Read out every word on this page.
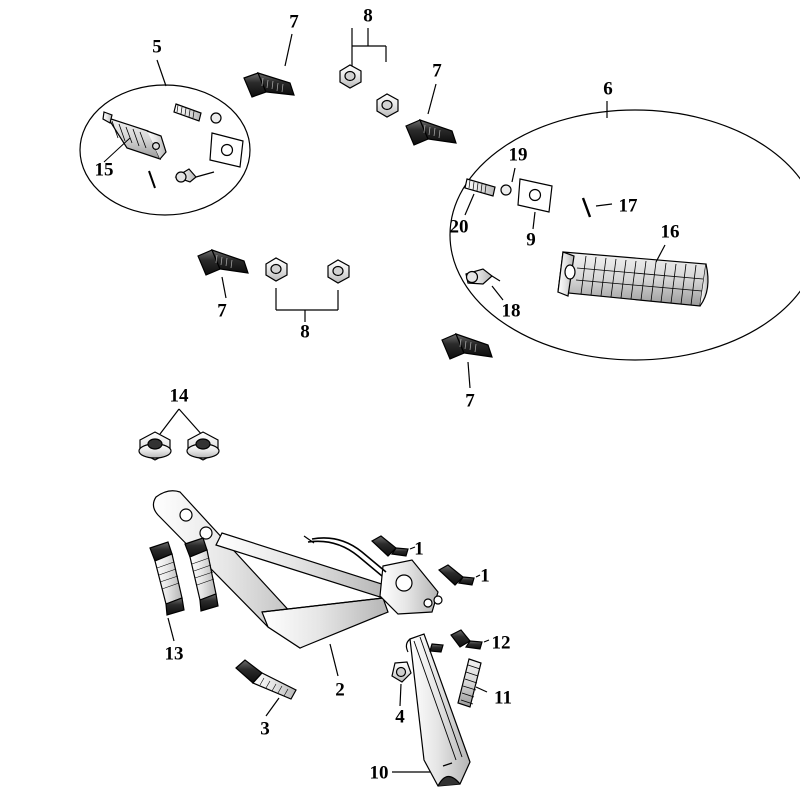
7	8
5
7
6
19
15
17
20
9	16
7
8
18
7
14
1
1
12
13
2	11
4
3
10
